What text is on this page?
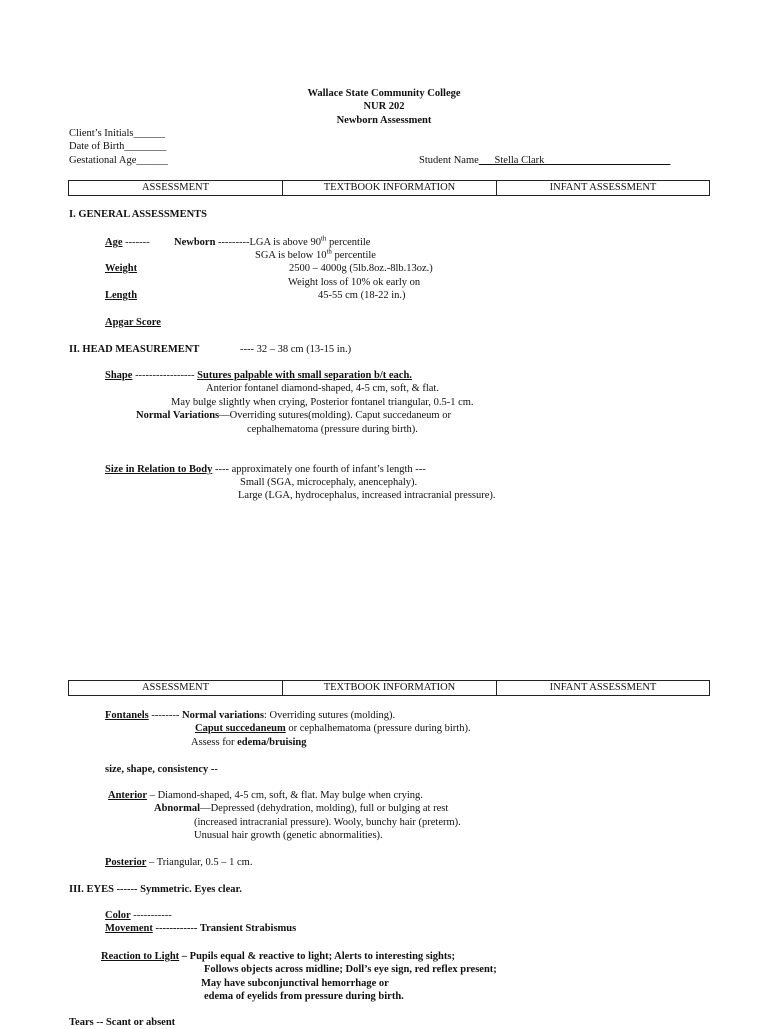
Wallace State Community College
NUR 202
Newborn Assessment
Client’s Initials______
Date of Birth________
Gestational Age______	Student Name___Stella Clark________________________
ASSESSMENT	TEXTBOOK INFORMATION	INFANT ASSESSMENT
I. GENERAL ASSESSMENTS
Age ------- Newborn ---------LGA is above 90th percentile
SGA is below 10th percentile
Weight	2500 – 4000g (5lb.8oz.-8lb.13oz.)
Weight loss of 10% ok early on
Length	45-55 cm (18-22 in.)
Apgar Score
II. HEAD MEASUREMENT	---- 32 – 38 cm (13-15 in.)
Shape ----------------- Sutures palpable with small separation b/t each.
Anterior fontanel diamond-shaped, 4-5 cm, soft, & flat.
May bulge slightly when crying, Posterior fontanel triangular, 0.5-1 cm.
Normal Variations—Overriding sutures(molding). Caput succedaneum or
cephalhematoma (pressure during birth).
Size in Relation to Body ---- approximately one fourth of infant’s length ---
Small (SGA, microcephaly, anencephaly).
Large (LGA, hydrocephalus, increased intracranial pressure).
ASSESSMENT	TEXTBOOK INFORMATION	INFANT ASSESSMENT
Fontanels -------- Normal variations: Overriding sutures (molding).
Caput succedaneum or cephalhematoma (pressure during birth).
Assess for edema/bruising
size, shape, consistency --
Anterior – Diamond-shaped, 4-5 cm, soft, & flat. May bulge when crying.
Abnormal—Depressed (dehydration, molding), full or bulging at rest
(increased intracranial pressure). Wooly, bunchy hair (preterm).
Unusual hair growth (genetic abnormalities).
Posterior – Triangular, 0.5 – 1 cm.
III. EYES ------ Symmetric. Eyes clear.
Color -----------
Movement ------------ Transient Strabismus
Reaction to Light – Pupils equal & reactive to light; Alerts to interesting sights;
Follows objects across midline; Doll’s eye sign, red reflex present;
May have subconjunctival hemorrhage or
edema of eyelids from pressure during birth.
Tears -- Scant or absent
